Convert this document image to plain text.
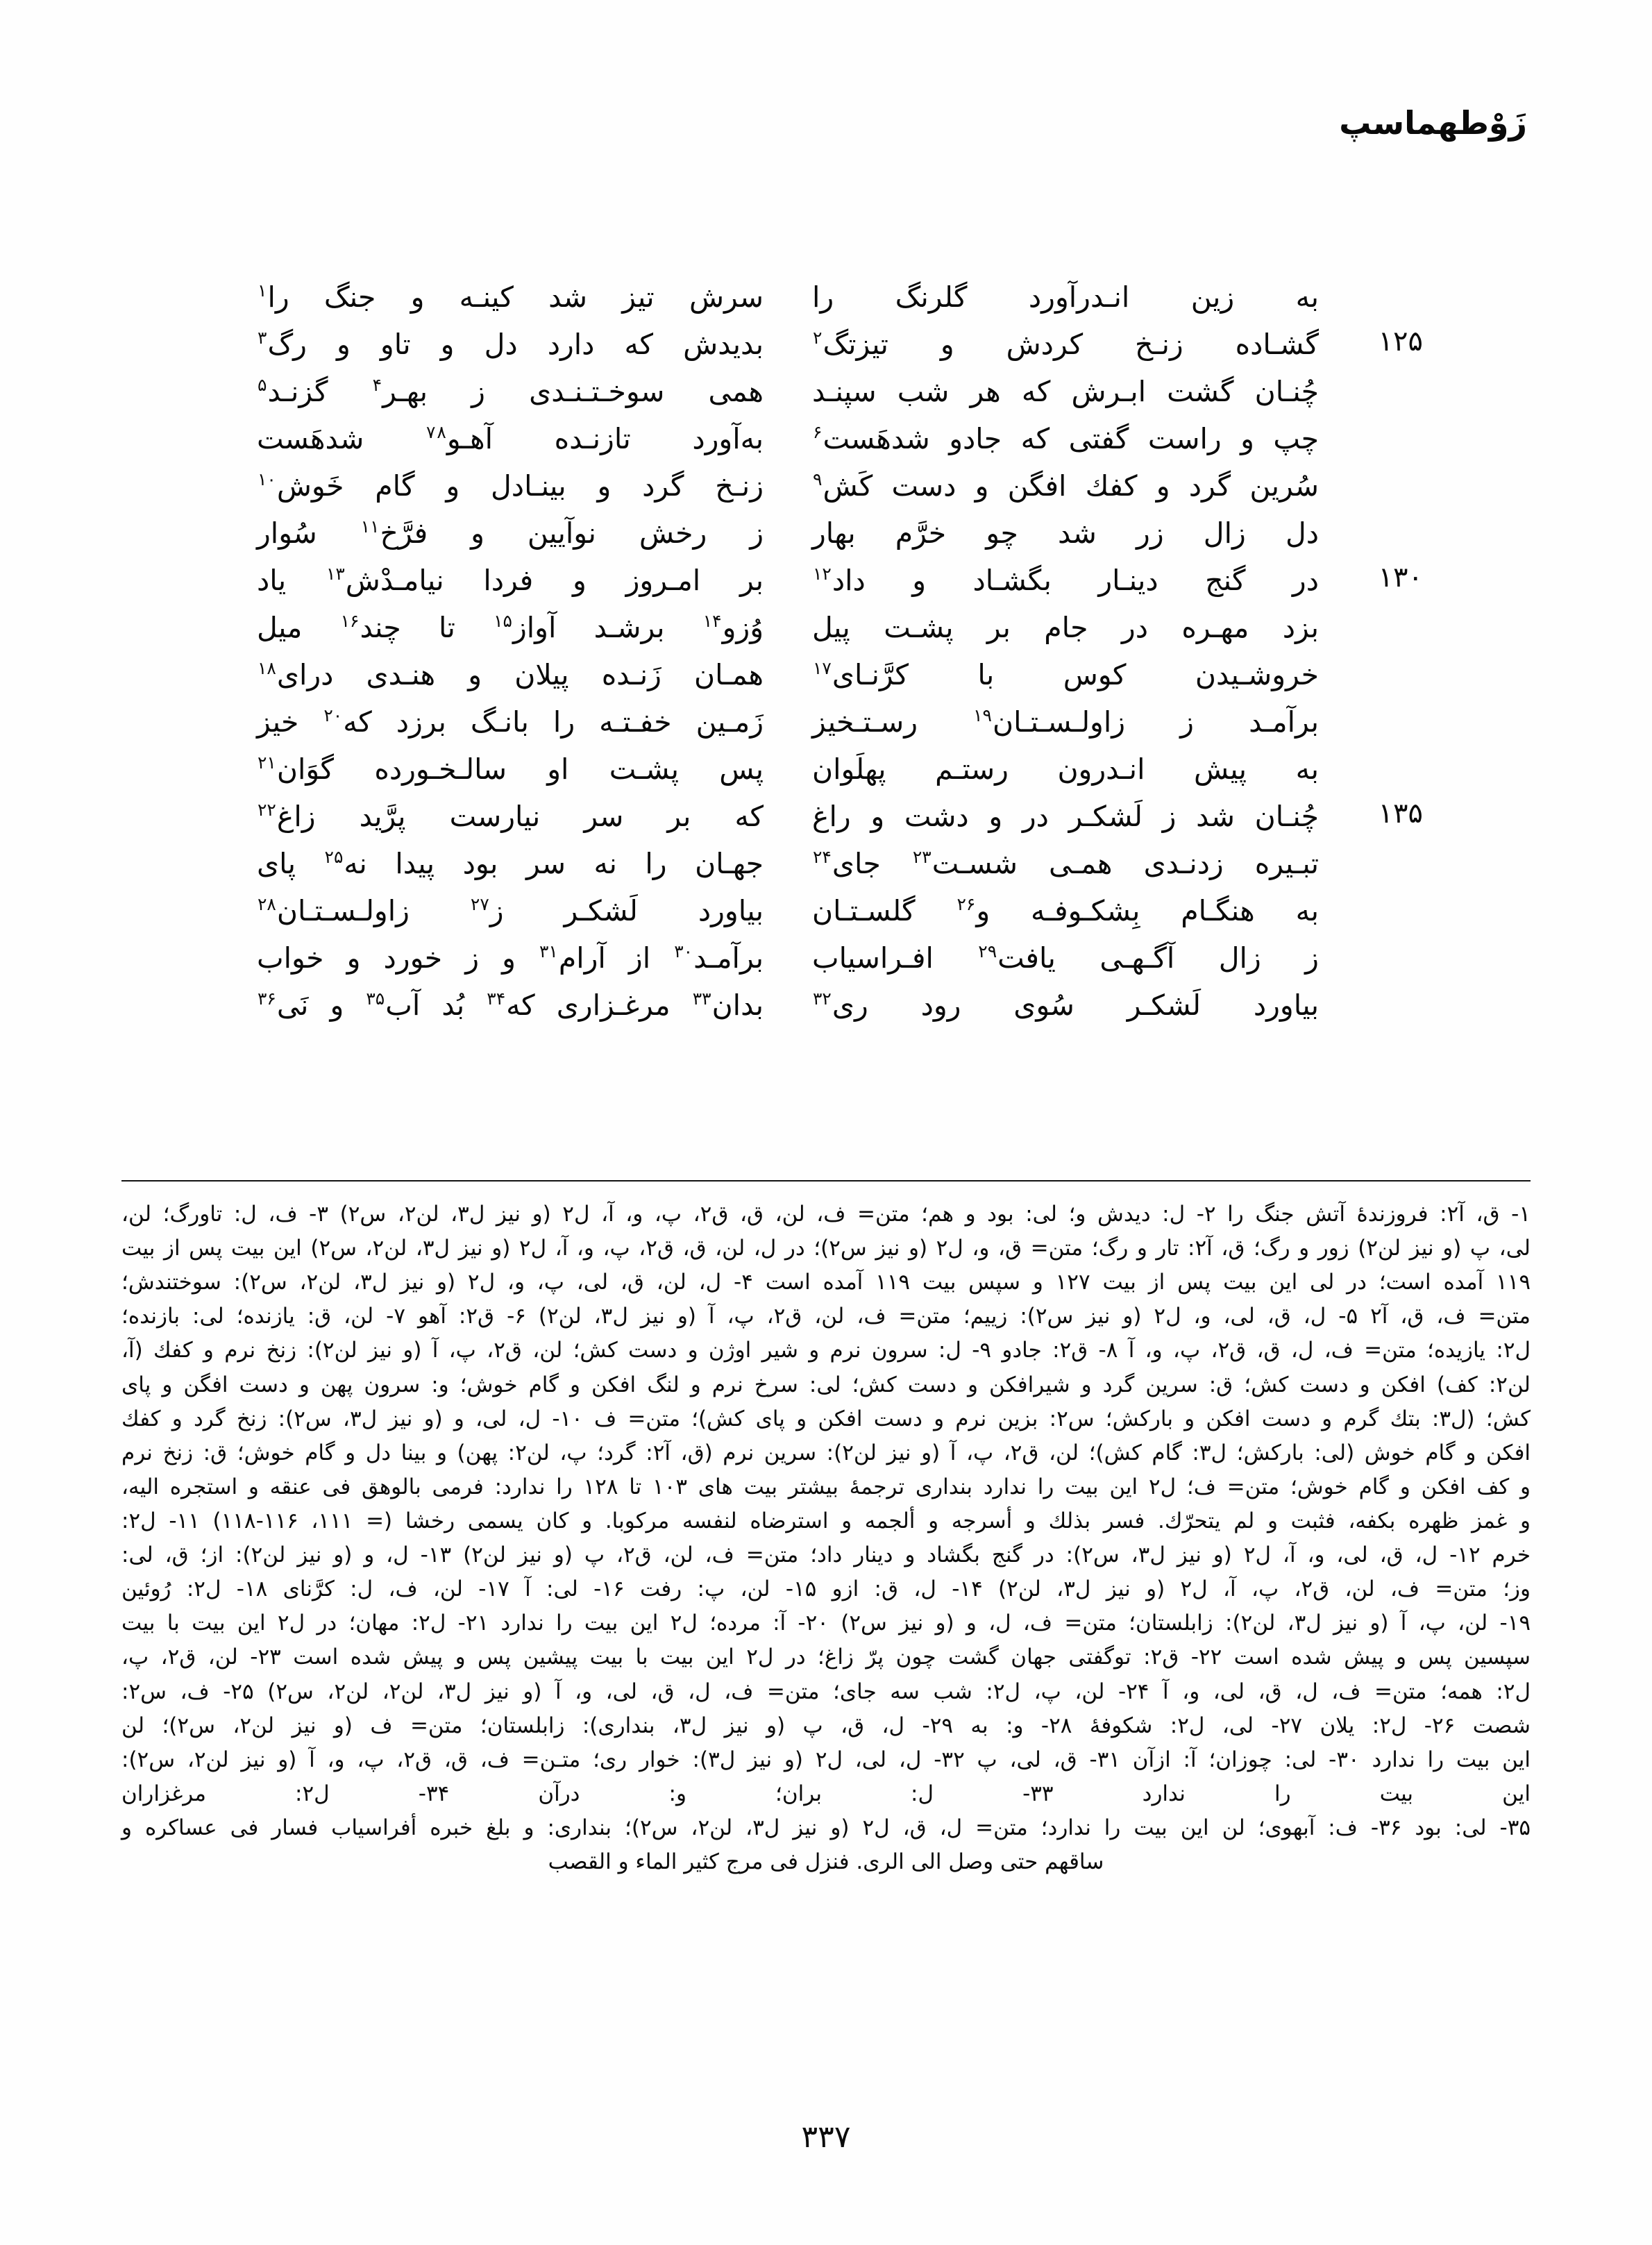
زَوْطهماسپ
به زین انـدرآورد گلرنگ را
سرش تیز شد کینـه و جنگ را$^۱$
۱۲۵
گشـاده زنـخ کردش و تیزتگ$^۲$
بدیدش که دارد دل و تاو و رگ$^۳$
چُنـان گشت ابـرش که هر شب سپنـد
همی سوخـتـنـدی ز بهـر$^۴$ گزنـد$^۵$
چپ و راست گفتی که جادو شدهَست$^۶$
به‌آورد تازنـده آهـو$^{۷۸}$ شدهَست
سُرین گرد و کفك افگن و دست كَش$^۹$
زنـخ گرد و بینـادل و گام خَوش$^{۱۰}$
دل زال زر شد چو خرَّم بهار
ز رخش نوآیین و فرَّخ$^{۱۱}$ سُوار
۱۳۰
در گنج دینـار بگشـاد و داد$^{۱۲}$
بر امـروز و فردا نیامـدْش$^{۱۳}$ یاد
بزد مهـره در جام بر پشـت پیل
وُزو$^{۱۴}$ برشـد آواز$^{۱۵}$ تا چند$^{۱۶}$ میل
خروشـیدن کوس با کرَّنـای$^{۱۷}$
همـان زَنـده پیلان و هنـدی درای$^{۱۸}$
برآمـد ز زاولـسـتـان$^{۱۹}$ رسـتـخیز
زَمـین خفـتـه را بانـگ برزد که$^{۲۰}$ خیز
به پیش انـدرون رستـم پهلَوان
پس پشـت او سالـخـورده گوَان$^{۲۱}$
۱۳۵
چُنـان شد ز لَشکـر در و دشت و راغ
که بر سر نیارست پرَّید زاغ$^{۲۲}$
تبـیره زدنـدی همـی شسـت$^{۲۳}$ جای$^{۲۴}$
جهـان را نه سر بود پیدا نه$^{۲۵}$ پای
به هنگـام بِشکـوفـه و$^{۲۶}$ گلسـتـان
بیاورد لَشکـر ز$^{۲۷}$ زاولـسـتـان$^{۲۸}$
ز زال آگـهـی یافت$^{۲۹}$ افـراسیاب
برآمـد$^{۳۰}$ از آرام$^{۳۱}$ و ز خورد و خواب
بیاورد لَشکـر سُوی رود ری$^{۳۲}$
بدان$^{۳۳}$ مرغـزاری که$^{۳۴}$ بُد آب$^{۳۵}$ و نَی$^{۳۶}$

۱- ق، آ۲: فروزندهٔ آتش جنگ را ۲- ل: دیدش و؛ لی: بود و هم؛ متن= ف، لن، ق، ق۲، پ، و، آ، ل۲ (و نیز ل۳، لن۲، س۲) ۳- ف، ل: تاورگ؛ لن،

لی، پ (و نیز لن۲) زور و رگ؛ ق، آ۲: تار و رگ؛ متن= ق، و، ل۲ (و نیز س۲)؛ در ل، لن، ق، ق۲، پ، و، آ، ل۲ (و نیز ل۳، لن۲، س۲) این بیت پس از بیت

۱۱۹ آمده است؛ در لی این بیت پس از بیت ۱۲۷ و سپس بیت ۱۱۹ آمده است ۴- ل، لن، ق، لی، پ، و، ل۲ (و نیز ل۳، لن۲، س۲): سوختندش؛

متن= ف، ق، آ۲ ۵- ل، ق، لی، و، ل۲ (و نیز س۲): زییم؛ متن= ف، لن، ق۲، پ، آ (و نیز ل۳، لن۲) ۶- ق۲: آهو ۷- لن، ق: یازنده؛ لی: بازنده؛

ل۲: یازیده؛ متن= ف، ل، ق، ق۲، پ، و، آ ۸- ق۲: جادو ۹- ل: سرون نرم و شیر اوژن و دست کش؛ لن، ق۲، پ، آ (و نیز لن۲): زنخ نرم و کفك (آ،

لن۲: کف) افکن و دست کش؛ ق: سرین گرد و شیرافکن و دست کش؛ لی: سرخ نرم و لنگ افکن و گام خوش؛ و: سرون پهن و دست افگن و پای

کش؛ (ل۳: بتك گرم و دست افکن و بارکش؛ س۲: بزین نرم و دست افکن و پای کش)؛ متن= ف ۱۰- ل، لی، و (و نیز ل۳، س۲): زنخ گرد و کفك

افکن و گام خوش (لی: بارکش؛ ل۳: گام کش)؛ لن، ق۲، پ، آ (و نیز لن۲): سرین نرم (ق، آ۲: گرد؛ پ، لن۲: پهن) و بینا دل و گام خوش؛ ق: زنخ نرم

و کف افکن و گام خوش؛ متن= ف؛ ل۲ این بیت را ندارد بنداری ترجمهٔ بیشتر بیت های ۱۰۳ تا ۱۲۸ را ندارد: فرمی بالوهق فی عنقه و استجره الیه،

و غمز ظهره بكفه، فثبت و لم یتحرّك. فسر بذلك و أسرجه و ألجمه و استرضاه لنفسه مرکوبا. و کان یسمی رخشا (= ۱۱۱، ۱۱۶-۱۱۸) ۱۱- ل۲:

خرم ۱۲- ل، ق، لی، و، آ، ل۲ (و نیز ل۳، س۲): در گنج بگشاد و دینار داد؛ متن= ف، لن، ق۲، پ (و نیز لن۲) ۱۳- ل، و (و نیز لن۲): از؛ ق، لی:

وز؛ متن= ف، لن، ق۲، پ، آ، ل۲ (و نیز ل۳، لن۲) ۱۴- ل، ق: ازو ۱۵- لن، پ: رفت ۱۶- لی: آ ۱۷- لن، ف، ل: کرَّنای ۱۸- ل۲: رُوئین

۱۹- لن، پ، آ (و نیز ل۳، لن۲): زابلستان؛ متن= ف، ل، و (و نیز س۲) ۲۰- آ: مرده؛ ل۲ این بیت را ندارد ۲۱- ل۲: مهان؛ در ل۲ این بیت با بیت

سپسین پس و پیش شده است ۲۲- ق۲: توگفتی جهان گشت چون پرّ زاغ؛ در ل۲ این بیت با بیت پیشین پس و پیش شده است ۲۳- لن، ق۲، پ،

ل۲: همه؛ متن= ف، ل، ق، لی، و، آ ۲۴- لن، پ، ل۲: شب سه جای؛ متن= ف، ل، ق، لی، و، آ (و نیز ل۳، لن۲، لن۲، س۲) ۲۵- ف، س۲:

شصت ۲۶- ل۲: یلان ۲۷- لی، ل۲: شکوفهٔ ۲۸- و: به ۲۹- ل، ق، پ (و نیز ل۳، بنداری): زابلستان؛ متن= ف (و نیز لن۲، س۲)؛ لن

این بیت را ندارد ۳۰- لی: چوزان؛ آ: ازآن ۳۱- ق، لی، پ ۳۲- ل، لی، ل۲ (و نیز ل۳): خوار ری؛ متـن= ف، ق، ق۲، پ، و، آ (و نیز لن۲، س۲):

این بیت را ندارد ۳۳- ل: بران؛ و: درآن ۳۴- ل۲: مرغزاران

۳۵- لی: بود ۳۶- ف: آبهوی؛ لن این بیت را ندارد؛ متن= ل، ق، ل۲ (و نیز ل۳، لن۲، س۲)؛ بنداری: و بلغ خبره أفراسیاب فسار فی عساکره و

ساقهم حتی وصل الی الری. فنزل فی مرج کثیر الماء و القصب

۳۳۷
